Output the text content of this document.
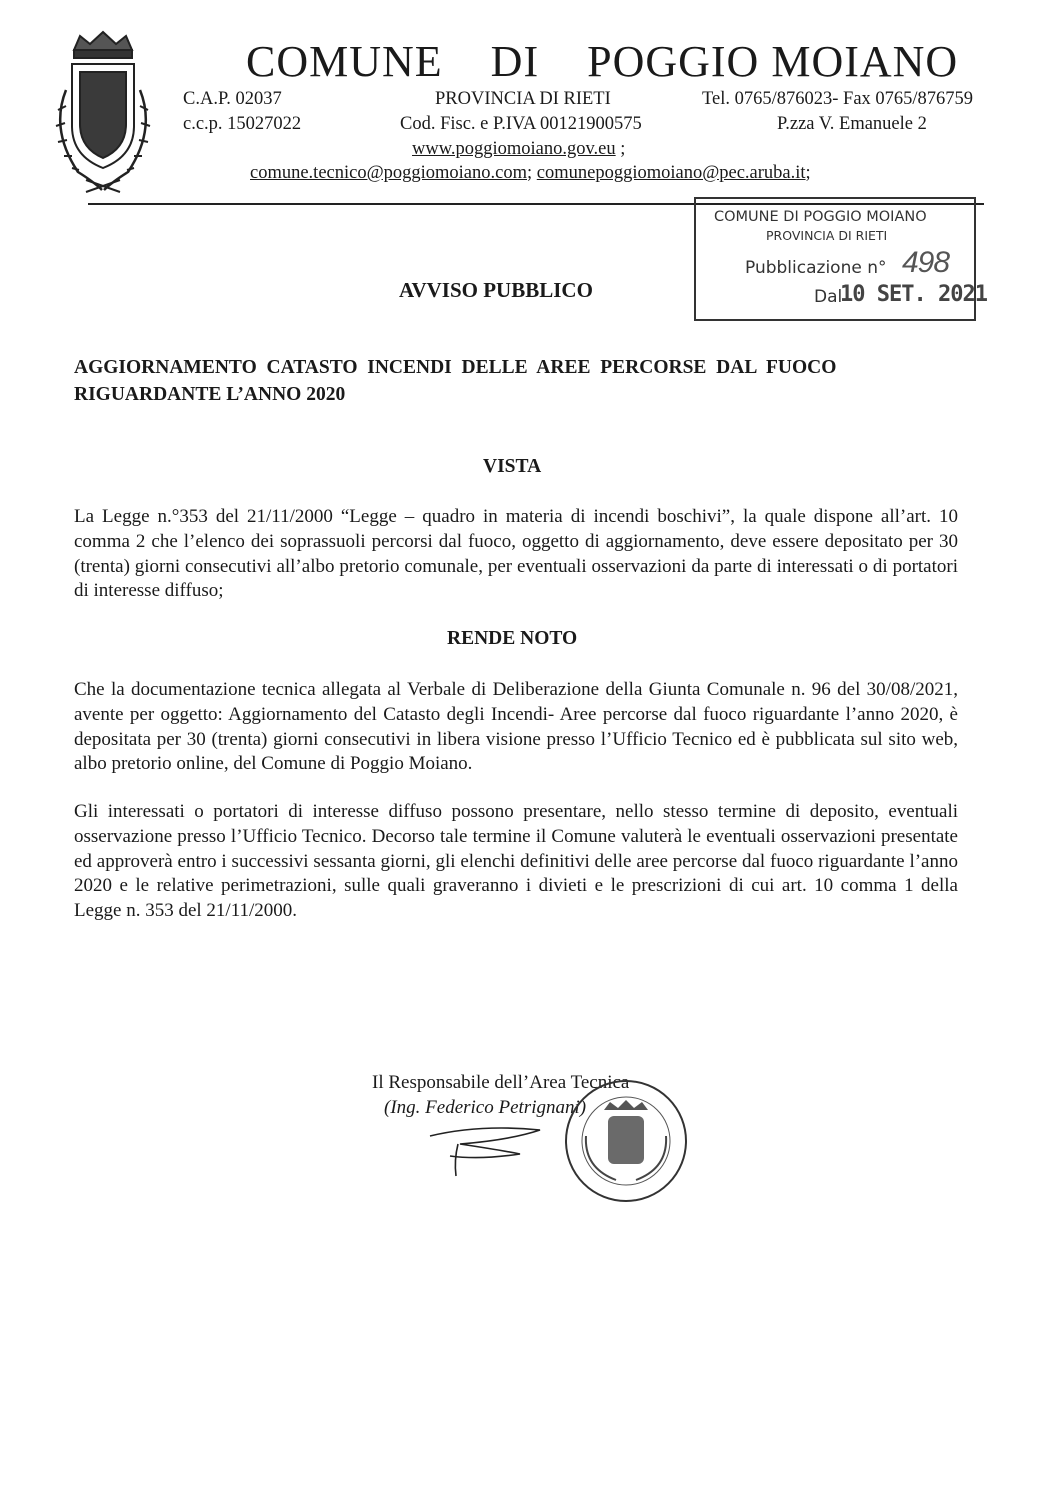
COMUNE    DI    POGGIO MOIANO
C.A.P. 02037
c.c.p. 15027022
PROVINCIA DI RIETI
Cod. Fisc. e P.IVA 00121900575
Tel. 0765/876023- Fax 0765/876759
P.zza V. Emanuele 2
www.poggiomoiano.gov.eu ;
comune.tecnico@poggiomoiano.com; comunepoggiomoiano@pec.aruba.it;
COMUNE DI POGGIO MOIANO
PROVINCIA DI RIETI
Pubblicazione n° 498
Dal
10 SET. 2021
AVVISO PUBBLICO
AGGIORNAMENTO  CATASTO  INCENDI  DELLE  AREE  PERCORSE  DAL  FUOCO
RIGUARDANTE L’ANNO 2020
VISTA

La Legge n.°353 del 21/11/2000 “Legge – quadro in materia di incendi boschivi”, la quale dispone all’art. 10 comma 2 che l’elenco dei soprassuoli percorsi dal fuoco, oggetto di aggiornamento, deve essere depositato per 30 (trenta) giorni consecutivi all’albo pretorio comunale, per eventuali osservazioni da parte di interessati o di portatori di interesse diffuso;

RENDE NOTO

Che la documentazione tecnica allegata al Verbale di Deliberazione della Giunta Comunale n. 96 del 30/08/2021, avente per oggetto: Aggiornamento del Catasto degli Incendi- Aree percorse dal fuoco riguardante l’anno 2020, è depositata per 30 (trenta) giorni consecutivi in libera visione presso l’Ufficio Tecnico ed è pubblicata sul sito web, albo pretorio online, del Comune di Poggio Moiano.

Gli interessati o portatori di interesse diffuso possono presentare, nello stesso termine di deposito, eventuali osservazione presso l’Ufficio Tecnico. Decorso tale termine il Comune valuterà le eventuali osservazioni presentate ed approverà entro i successivi sessanta giorni, gli elenchi definitivi delle aree percorse dal fuoco riguardante l’anno 2020 e le relative perimetrazioni, sulle quali graveranno i divieti e le prescrizioni di cui art. 10 comma 1 della Legge n. 353 del 21/11/2000.

Il Responsabile dell’Area Tecnica
(Ing. Federico Petrignani)
